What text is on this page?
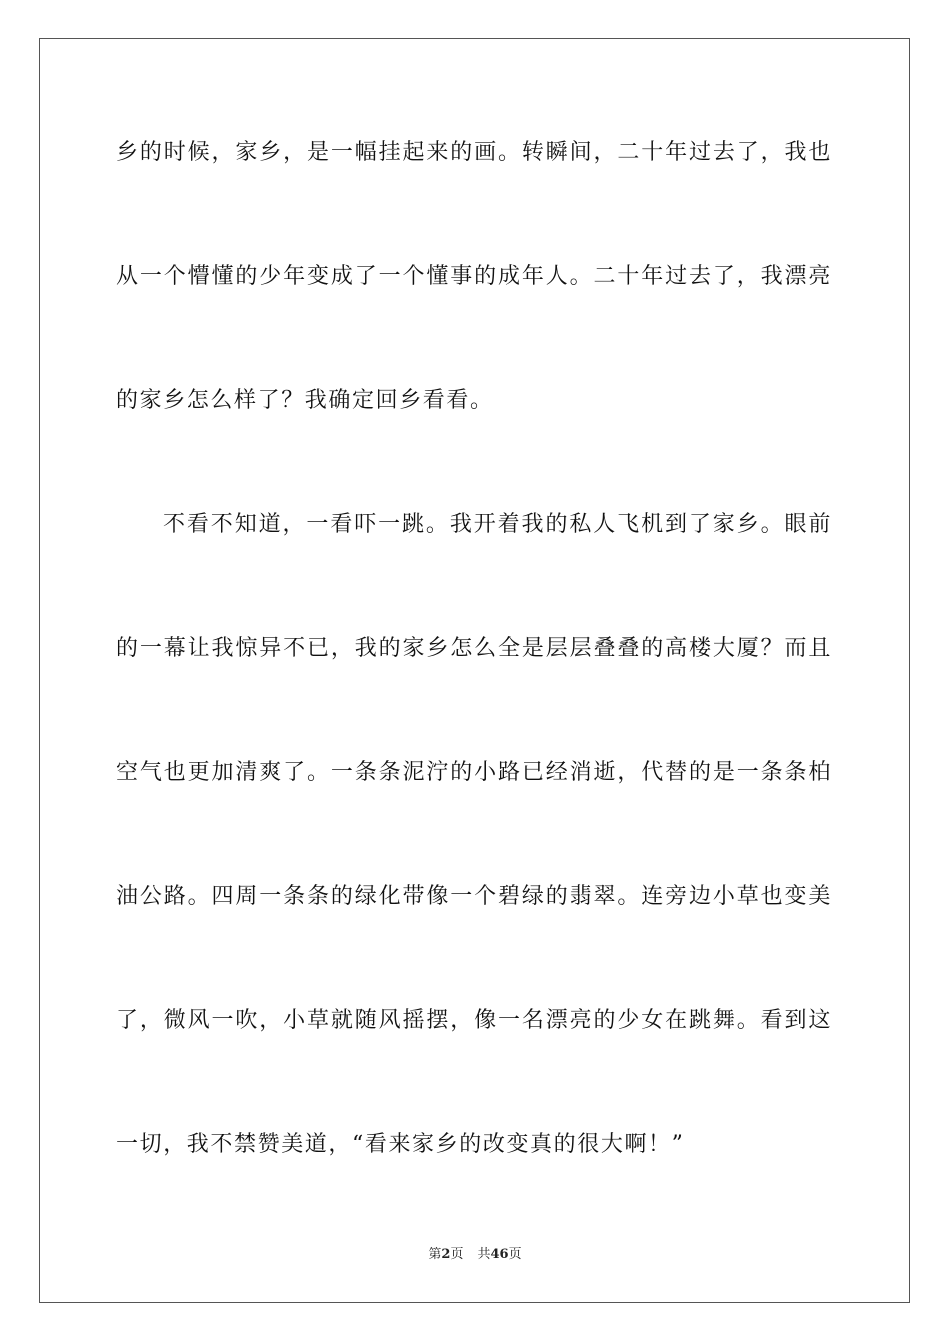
乡的时候，家乡，是一幅挂起来的画。转瞬间，二十年过去了，我也
从一个懵懂的少年变成了一个懂事的成年人。二十年过去了，我漂亮
的家乡怎么样了？我确定回乡看看。
不看不知道，一看吓一跳。我开着我的私人飞机到了家乡。眼前
的一幕让我惊异不已，我的家乡怎么全是层层叠叠的高楼大厦？而且
空气也更加清爽了。一条条泥泞的小路已经消逝，代替的是一条条柏
油公路。四周一条条的绿化带像一个碧绿的翡翠。连旁边小草也变美
了，微风一吹，小草就随风摇摆，像一名漂亮的少女在跳舞。看到这
一切，我不禁赞美道，“看来家乡的改变真的很大啊！”
第2页 共46页
